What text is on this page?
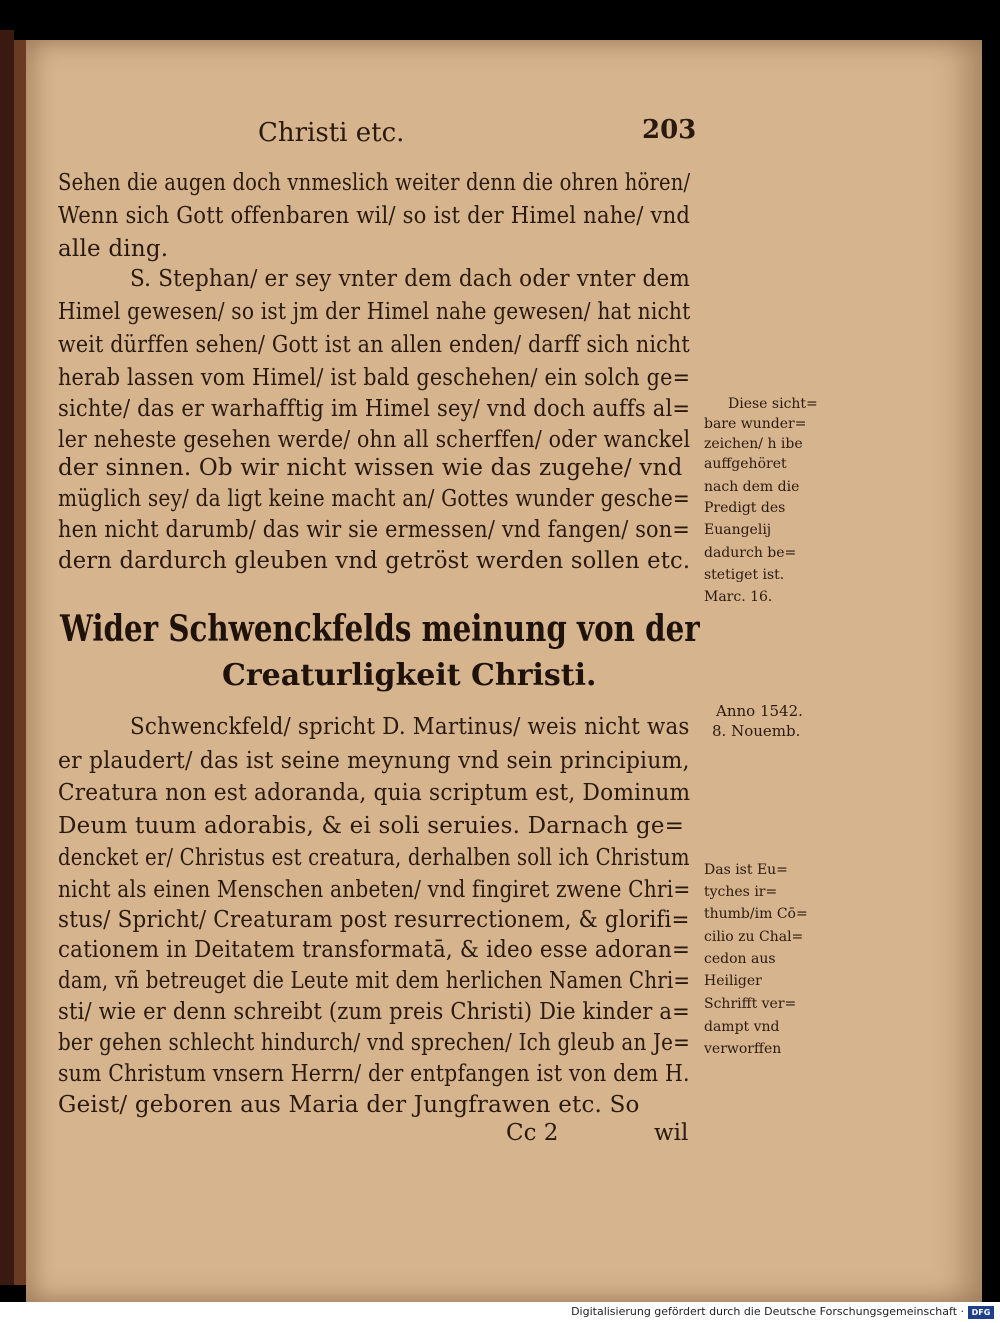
Christi etc.	203
Sehen die augen doch vnmeslich weiter denn die ohren hören/
Wenn sich Gott offenbaren wil/ so ist der Himel nahe/ vnd
alle ding.
S. Stephan/ er sey vnter dem dach oder vnter dem
Himel gewesen/ so ist jm der Himel nahe gewesen/ hat nicht
weit dürffen sehen/ Gott ist an allen enden/ darff sich nicht
herab lassen vom Himel/ ist bald geschehen/ ein solch ge=
sichte/ das er warhafftig im Himel sey/ vnd doch auffs al=
ler neheste gesehen werde/ ohn all scherffen/ oder wanckel
der sinnen. Ob wir nicht wissen wie das zugehe/ vnd
müglich sey/ da ligt keine macht an/ Gottes wunder gesche=
hen nicht darumb/ das wir sie ermessen/ vnd fangen/ son=
dern dardurch gleuben vnd getröst werden sollen etc.
Diese sicht=
bare wunder=
zeichen/ h ibe
auffgehöret
nach dem die
Predigt des
Euangelij
dadurch be=
stetiget ist.
Marc. 16.
Wider Schwenckfelds meinung von der
Creaturligkeit Christi.
Anno 1542.
8. Nouemb.
Schwenckfeld/ spricht D. Martinus/ weis nicht was
er plaudert/ das ist seine meynung vnd sein principium,
Creatura non est adoranda, quia scriptum est, Dominum
Deum tuum adorabis, & ei soli seruies. Darnach ge=
dencket er/ Christus est creatura, derhalben soll ich Christum
nicht als einen Menschen anbeten/ vnd fingiret zwene Chri=
stus/ Spricht/ Creaturam post resurrectionem, & glorifi=
cationem in Deitatem transformatā, & ideo esse adoran=
dam, vñ betreuget die Leute mit dem herlichen Namen Chri=
sti/ wie er denn schreibt (zum preis Christi) Die kinder a=
ber gehen schlecht hindurch/ vnd sprechen/ Ich gleub an Je=
sum Christum vnsern Herrn/ der entpfangen ist von dem H.
Geist/ geboren aus Maria der Jungfrawen etc. So
Das ist Eu=
tyches ir=
thumb/im Cō=
cilio zu Chal=
cedon aus
Heiliger
Schrifft ver=
dampt vnd
verworffen
Cc 2	wil
Digitalisierung gefördert durch die Deutsche Forschungsgemeinschaft · DFG
